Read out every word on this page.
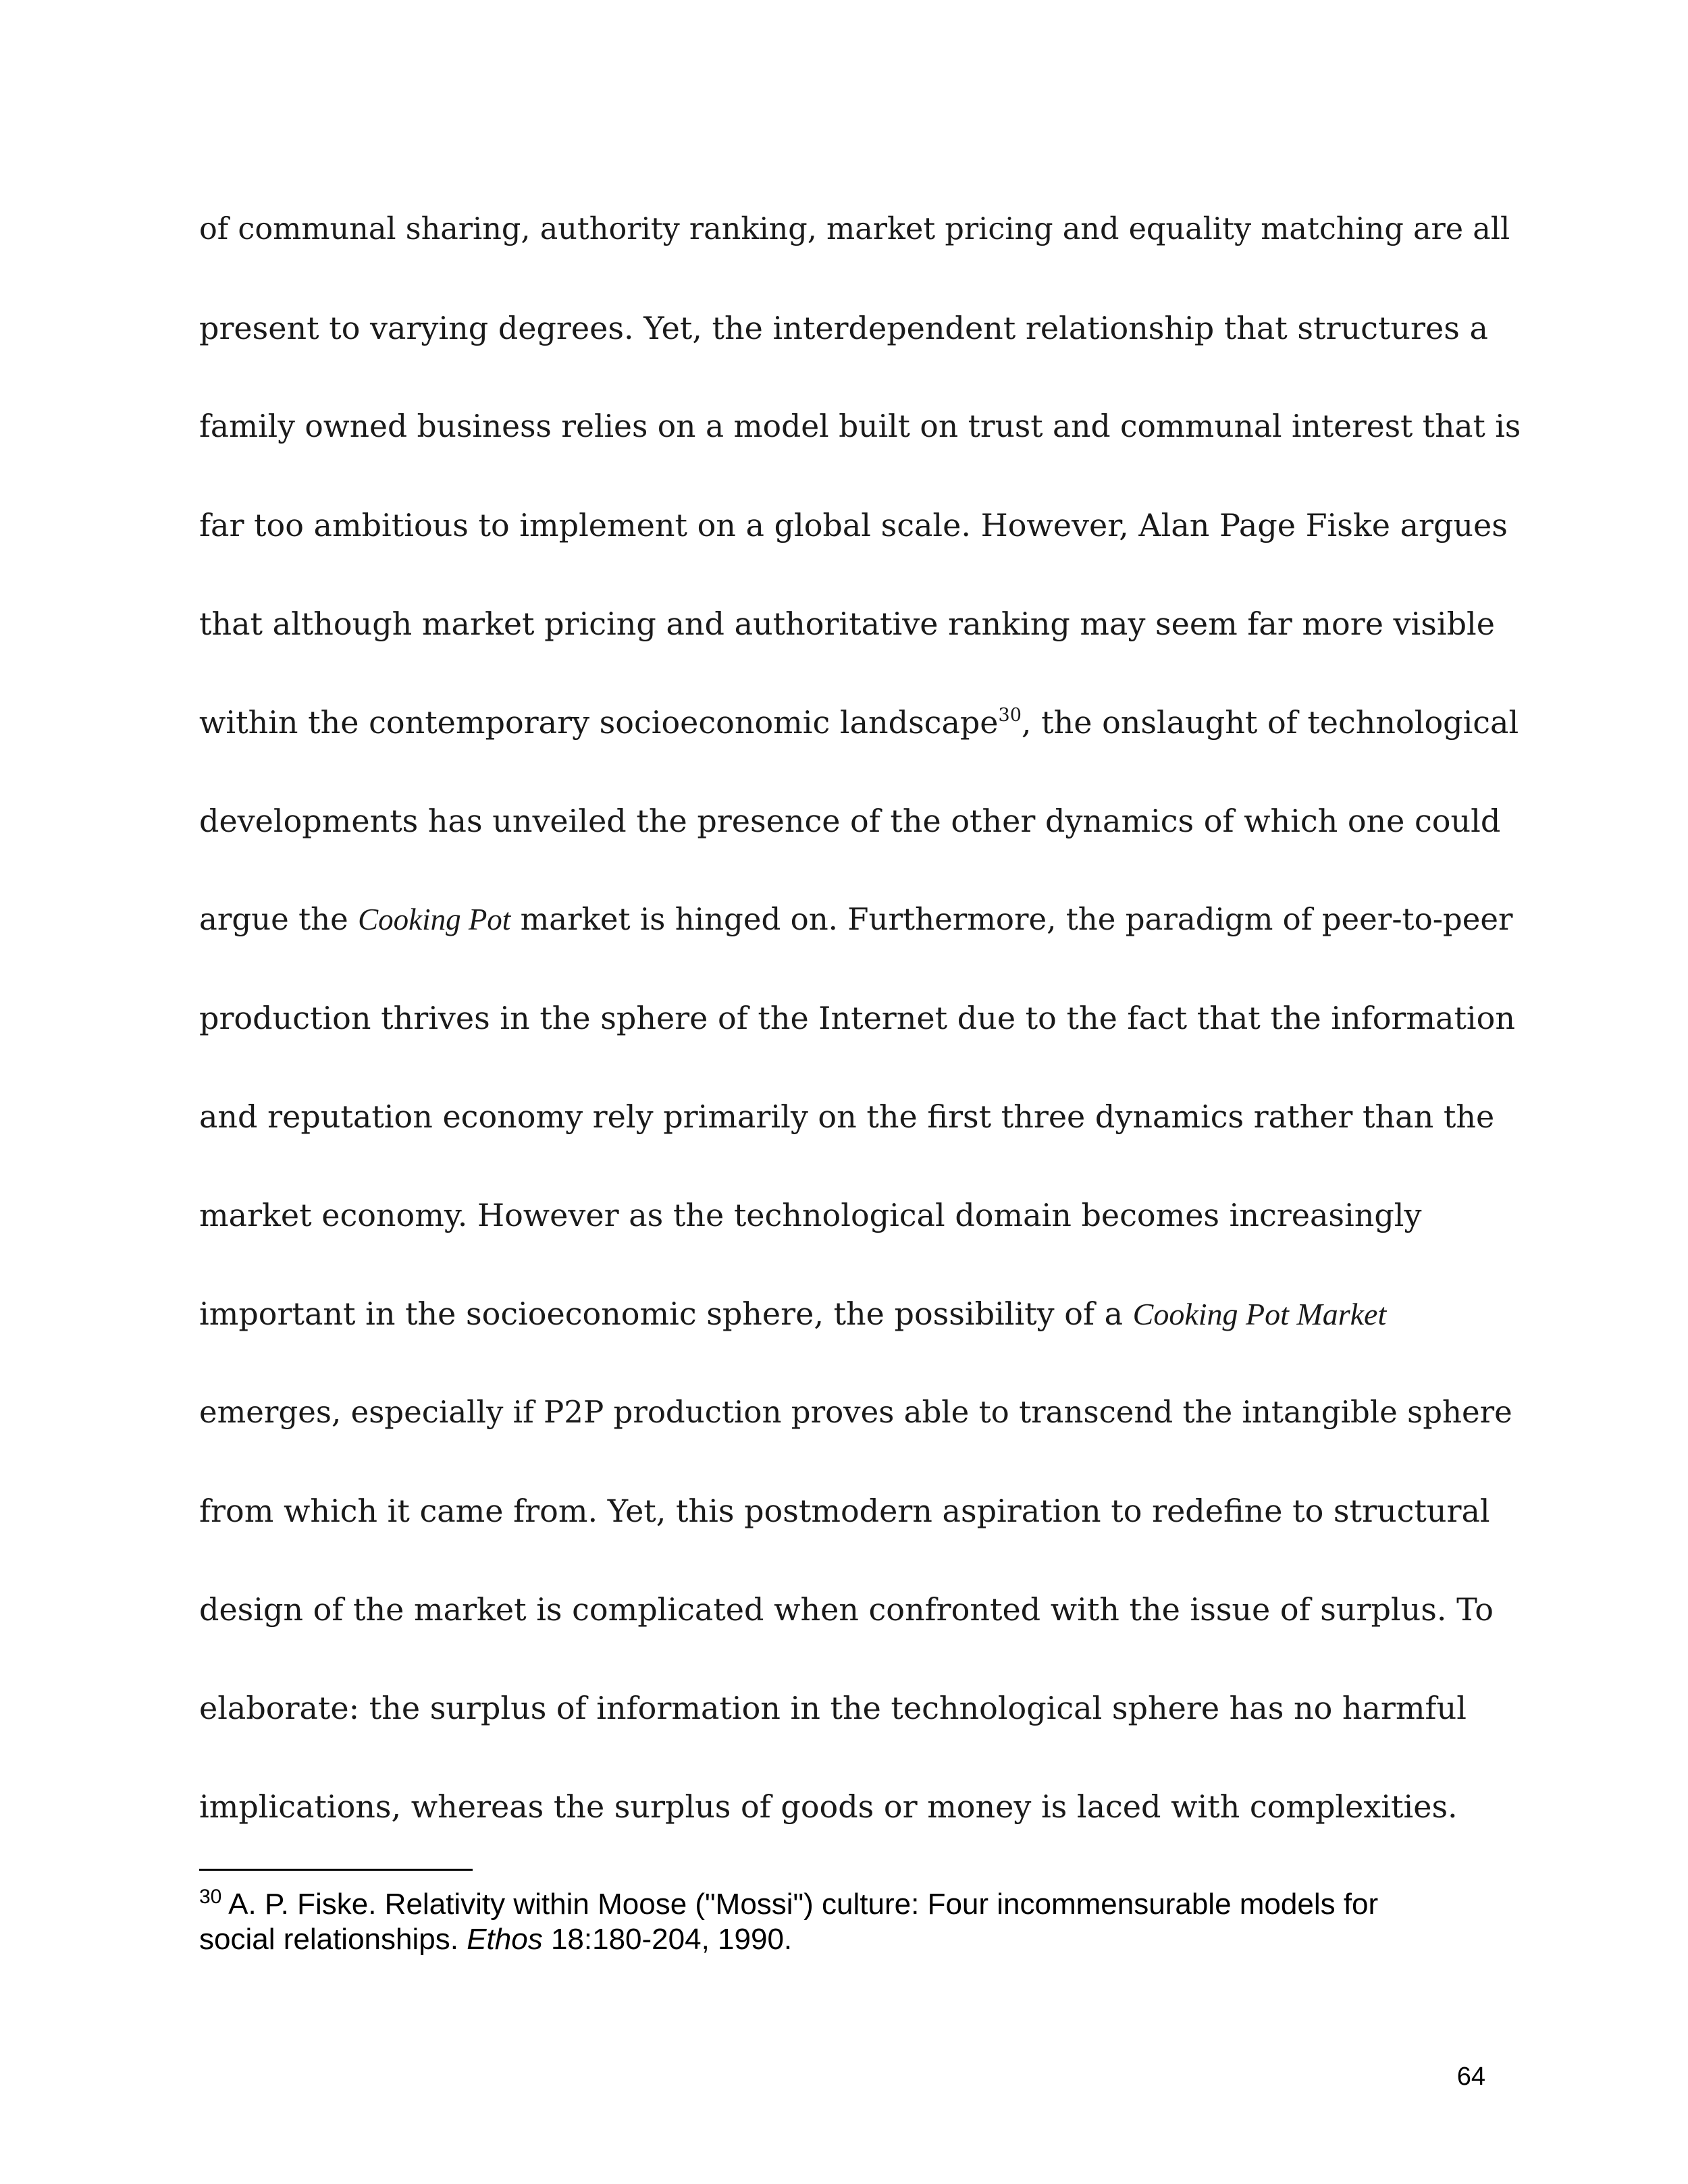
of communal sharing, authority ranking, market pricing and equality matching are all
present to varying degrees. Yet, the interdependent relationship that structures a
family owned business relies on a model built on trust and communal interest that is
far too ambitious to implement on a global scale. However, Alan Page Fiske argues
that although market pricing and authoritative ranking may seem far more visible
within the contemporary socioeconomic landscape$^{30}$, the onslaught of technological
developments has unveiled the presence of the other dynamics of which one could
argue the Cooking Pot market is hinged on. Furthermore, the paradigm of peer-to-peer
production thrives in the sphere of the Internet due to the fact that the information
and reputation economy rely primarily on the first three dynamics rather than the
market economy. However as the technological domain becomes increasingly
important in the socioeconomic sphere, the possibility of a Cooking Pot Market
emerges, especially if P2P production proves able to transcend the intangible sphere
from which it came from. Yet, this postmodern aspiration to redefine to structural
design of the market is complicated when confronted with the issue of surplus. To
elaborate: the surplus of information in the technological sphere has no harmful
implications, whereas the surplus of goods or money is laced with complexities.
$^{30}$ A. P. Fiske. Relativity within Moose ("Mossi") culture: Four incommensurable models for
social relationships. Ethos 18:180-204, 1990.
64
